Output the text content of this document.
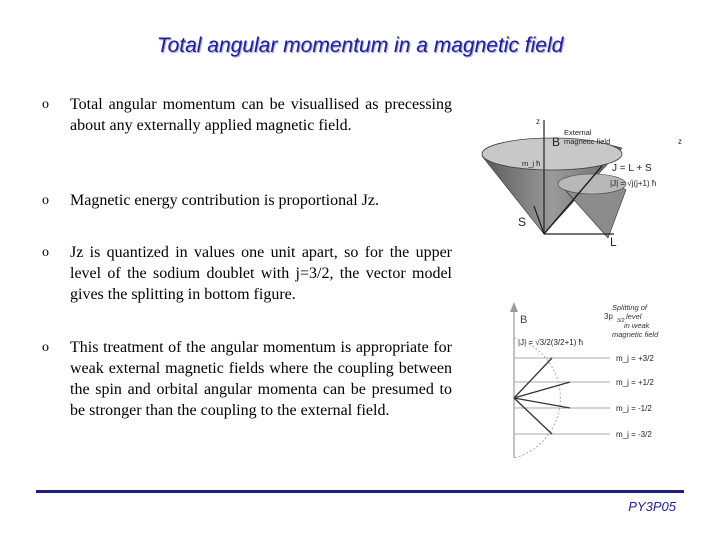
Total angular momentum in a magnetic field
o Total angular momentum can be visuallised as precessing about any externally applied magnetic field.
o Magnetic energy contribution is proportional Jz.
o Jz is quantized in values one unit apart, so for the upper level of the sodium doublet with j=3/2, the vector model gives the splitting in bottom figure.
o This treatment of the angular momentum is appropriate for weak external magnetic fields where the coupling between the spin and orbital angular momenta can be presumed to be stronger than the coupling to the external field.
z
z
B
External
magnetic field
m_j ħ	J = L + S
|J| = √j(j+1) ħ
S
L
B
Splitting of
3p 3/2 level
in weak
magnetic field
|J| = √3/2(3/2+1) ħ
m_j = +3/2
m_j = +1/2
m_j = -1/2
m_j = -3/2
PY3P05
